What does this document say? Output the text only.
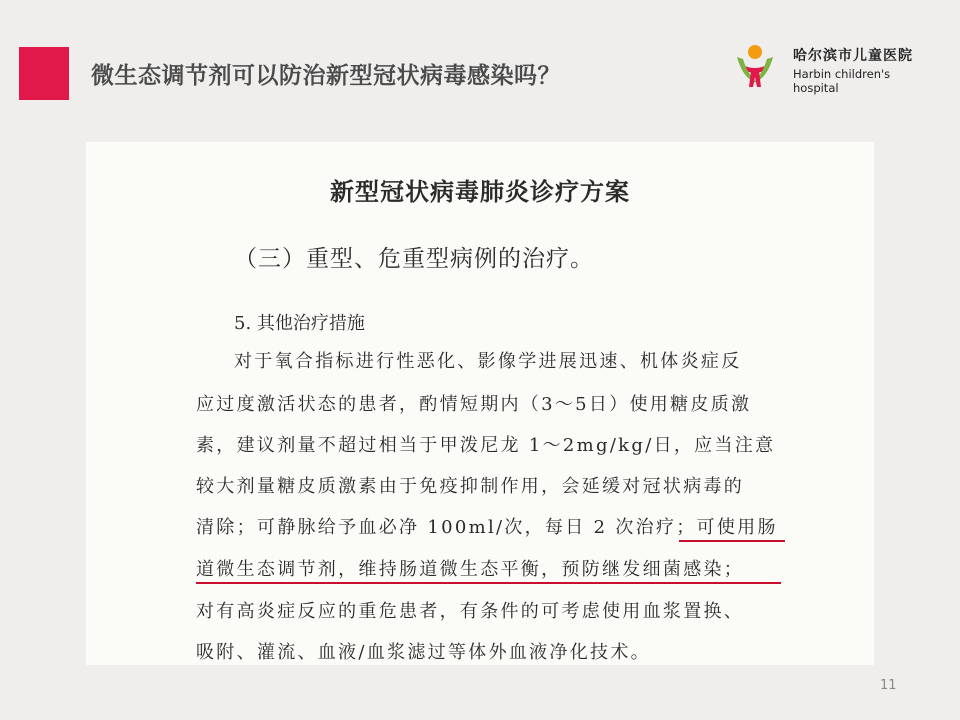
微生态调节剂可以防治新型冠状病毒感染吗？
哈尔滨市儿童医院
Harbin children's hospital
新型冠状病毒肺炎诊疗方案
（三）重型、危重型病例的治疗。
5. 其他治疗措施
对于氧合指标进行性恶化、影像学进展迅速、机体炎症反
应过度激活状态的患者，酌情短期内（3～5日）使用糖皮质激
素，建议剂量不超过相当于甲泼尼龙 1～2mg/kg/日，应当注意
较大剂量糖皮质激素由于免疫抑制作用，会延缓对冠状病毒的
清除；可静脉给予血必净 100ml/次，每日 2 次治疗；可使用肠
道微生态调节剂，维持肠道微生态平衡，预防继发细菌感染；
对有高炎症反应的重危患者，有条件的可考虑使用血浆置换、
吸附、灌流、血液/血浆滤过等体外血液净化技术。
11
